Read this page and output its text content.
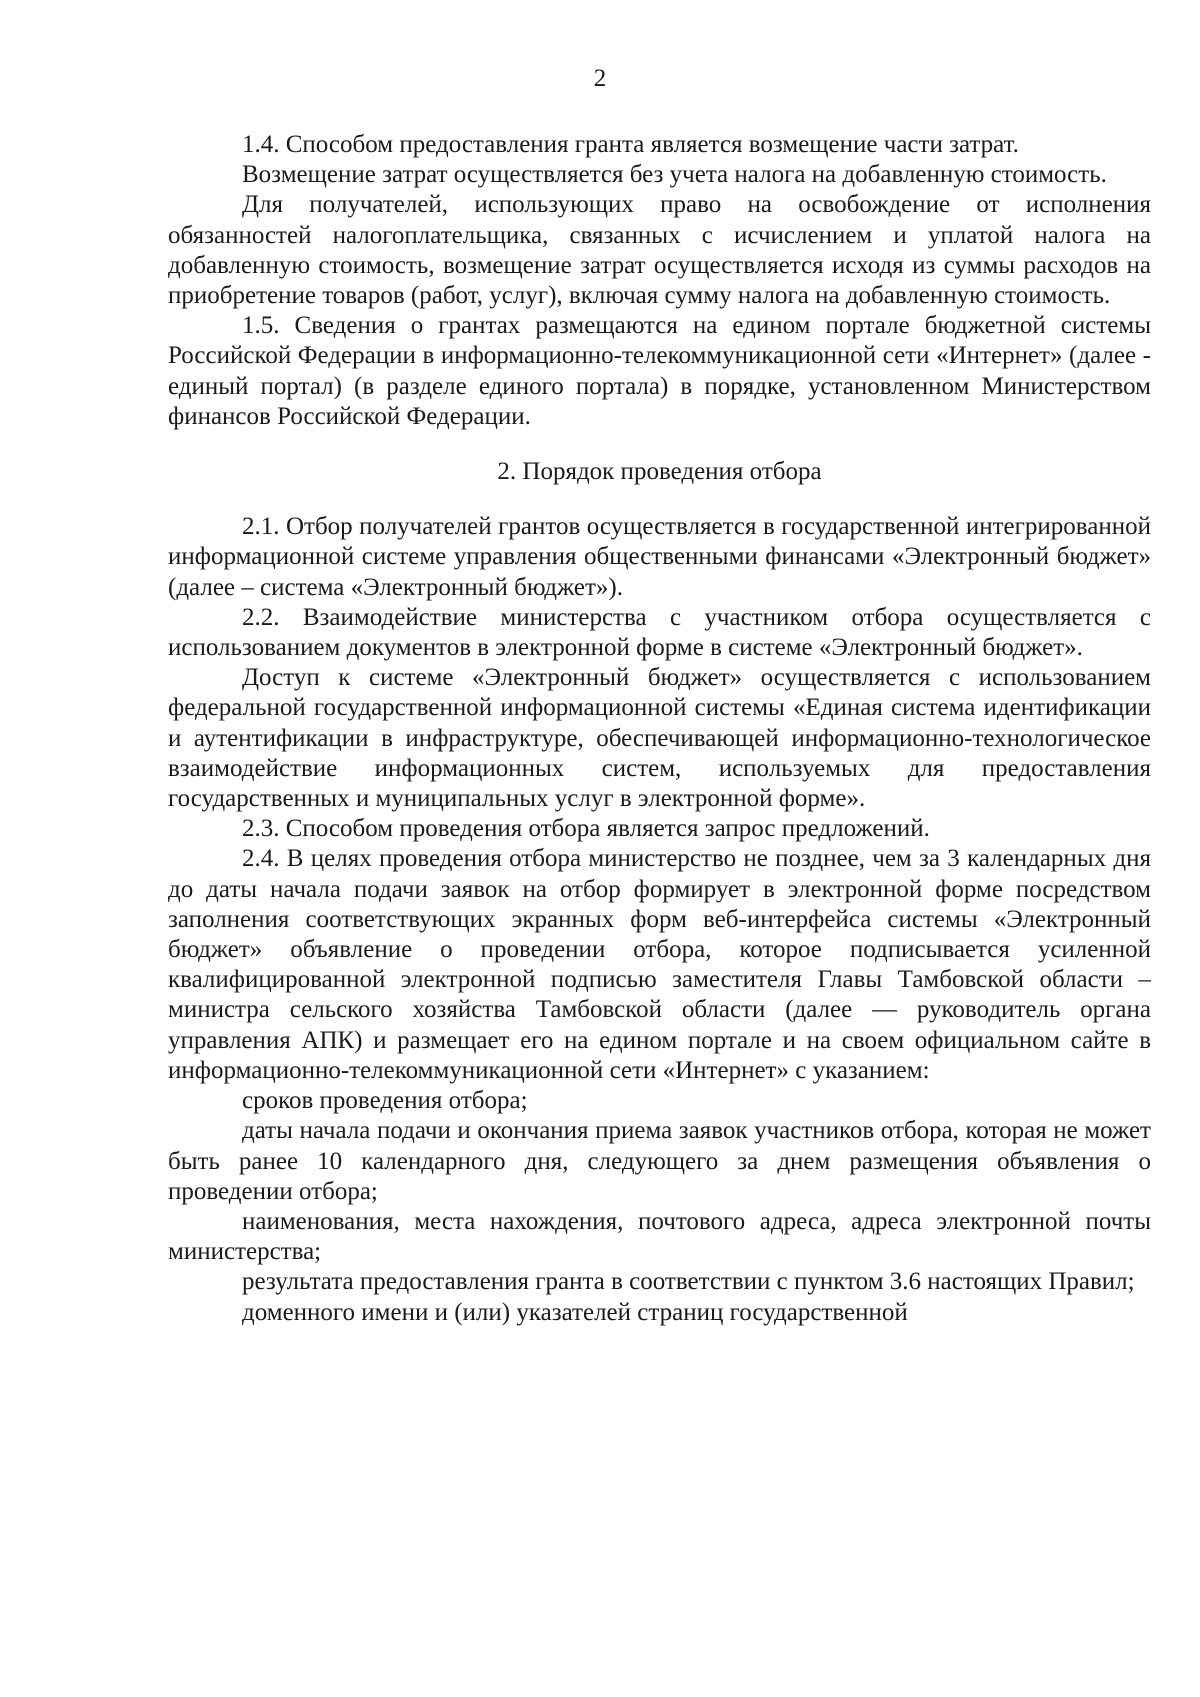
2

1.4. Способом предоставления гранта является возмещение части затрат.

Возмещение затрат осуществляется без учета налога на добавленную стоимость.

Для получателей, использующих право на освобождение от исполнения обязанностей налогоплательщика, связанных с исчислением и уплатой налога на добавленную стоимость, возмещение затрат осуществляется исходя из суммы расходов на приобретение товаров (работ, услуг), включая сумму налога на добавленную стоимость.

1.5. Сведения о грантах размещаются на едином портале бюджетной системы Российской Федерации в информационно-телекоммуникационной сети «Интернет» (далее - единый портал) (в разделе единого портала) в порядке, установленном Министерством финансов Российской Федерации.

2. Порядок проведения отбора

2.1. Отбор получателей грантов осуществляется в государственной интегрированной информационной системе управления общественными финансами «Электронный бюджет» (далее – система «Электронный бюджет»).

2.2. Взаимодействие министерства с участником отбора осуществляется с использованием документов в электронной форме в системе «Электронный бюджет».

Доступ к системе «Электронный бюджет» осуществляется с использованием федеральной государственной информационной системы «Единая система идентификации и аутентификации в инфраструктуре, обеспечивающей информационно-технологическое взаимодействие информационных систем, используемых для предоставления государственных и муниципальных услуг в электронной форме».

2.3. Способом проведения отбора является запрос предложений.

2.4. В целях проведения отбора министерство не позднее, чем за 3 календарных дня до даты начала подачи заявок на отбор формирует в электронной форме посредством заполнения соответствующих экранных форм веб-интерфейса системы «Электронный бюджет» объявление о проведении отбора, которое подписывается усиленной квалифицированной электронной подписью заместителя Главы Тамбовской области – министра сельского хозяйства Тамбовской области (далее — руководитель органа управления АПК) и размещает его на едином портале и на своем официальном сайте в информационно-телекоммуникационной сети «Интернет» с указанием:

сроков проведения отбора;

даты начала подачи и окончания приема заявок участников отбора, которая не может быть ранее 10 календарного дня, следующего за днем размещения объявления о проведении отбора;

наименования, места нахождения, почтового адреса, адреса электронной почты министерства;

результата предоставления гранта в соответствии с пунктом 3.6 настоящих Правил;

доменного имени и (или) указателей страниц государственной
